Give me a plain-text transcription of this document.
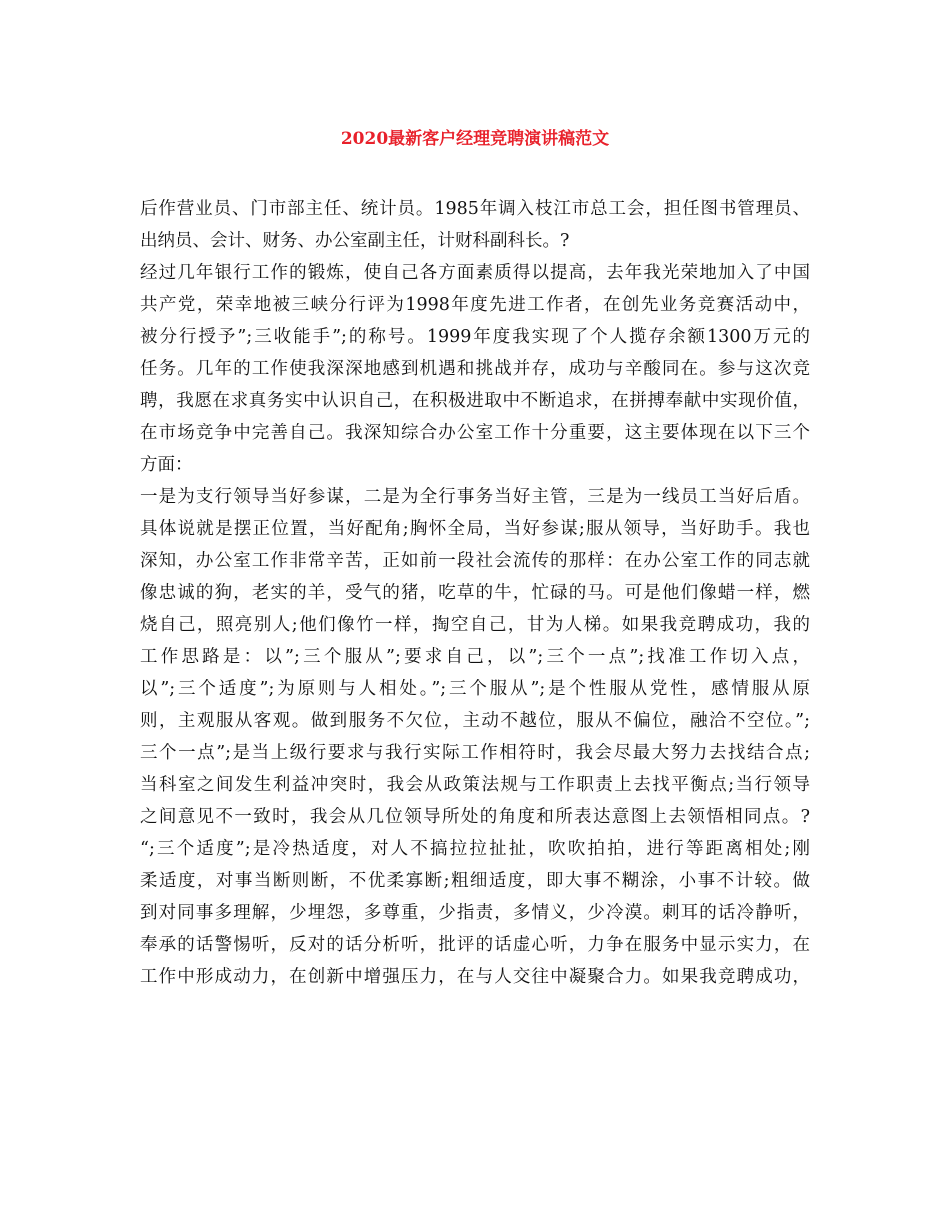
2020最新客户经理竞聘演讲稿范文
后作营业员、门市部主任、统计员。1985年调入枝江市总工会，担任图书管理员、
出纳员、会计、财务、办公室副主任，计财科副科长。?
经过几年银行工作的锻炼，使自己各方面素质得以提高，去年我光荣地加入了中国
共产党，荣幸地被三峡分行评为1998年度先进工作者，在创先业务竞赛活动中，
被分行授予”;三收能手”;的称号。1999年度我实现了个人揽存余额1300万元的
任务。几年的工作使我深深地感到机遇和挑战并存，成功与辛酸同在。参与这次竞
聘，我愿在求真务实中认识自己，在积极进取中不断追求，在拼搏奉献中实现价值，
在市场竞争中完善自己。我深知综合办公室工作十分重要，这主要体现在以下三个
方面：
一是为支行领导当好参谋，二是为全行事务当好主管，三是为一线员工当好后盾。
具体说就是摆正位置，当好配角;胸怀全局，当好参谋;服从领导，当好助手。我也
深知，办公室工作非常辛苦，正如前一段社会流传的那样：在办公室工作的同志就
像忠诚的狗，老实的羊，受气的猪，吃草的牛，忙碌的马。可是他们像蜡一样，燃
烧自己，照亮别人;他们像竹一样，掏空自己，甘为人梯。如果我竞聘成功，我的
工作思路是：以”;三个服从”;要求自己，以”;三个一点”;找准工作切入点，
以”;三个适度”;为原则与人相处。”;三个服从”;是个性服从党性，感情服从原
则，主观服从客观。做到服务不欠位，主动不越位，服从不偏位，融洽不空位。”;
三个一点”;是当上级行要求与我行实际工作相符时，我会尽最大努力去找结合点;
当科室之间发生利益冲突时，我会从政策法规与工作职责上去找平衡点;当行领导
之间意见不一致时，我会从几位领导所处的角度和所表达意图上去领悟相同点。?
“;三个适度”;是冷热适度，对人不搞拉拉扯扯，吹吹拍拍，进行等距离相处;刚
柔适度，对事当断则断，不优柔寡断;粗细适度，即大事不糊涂，小事不计较。做
到对同事多理解，少埋怨，多尊重，少指责，多情义，少冷漠。刺耳的话冷静听，
奉承的话警惕听，反对的话分析听，批评的话虚心听，力争在服务中显示实力，在
工作中形成动力，在创新中增强压力，在与人交往中凝聚合力。如果我竞聘成功，
